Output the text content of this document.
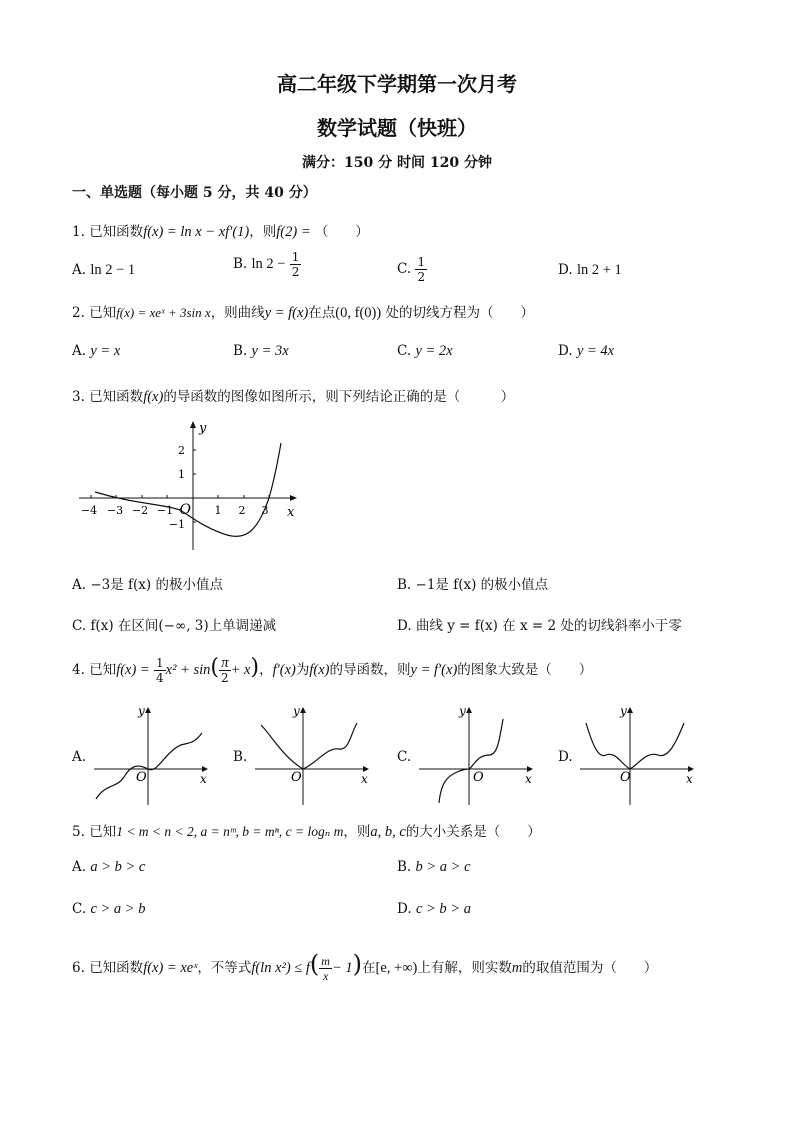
高二年级下学期第一次月考
数学试题（快班）
满分：150 分 时间 120 分钟
一、单选题（每小题 5 分，共 40 分）
1. 已知函数f(x) = ln x − xf′(1)，则f(2) = （　　）
A. ln 2 − 1	B. $\ln 2 - \frac{1}{2}$	C. $\frac{1}{2}$	D. ln 2 + 1
2. 已知f(x) = xeˣ + 3sin x，则曲线y = f(x)在点(0, f(0)) 处的切线方程为（　　）
A. y = x	B. y = 3x	C. y = 2x	D. y = 4x
3. 已知函数f(x)的导函数的图像如图所示，则下列结论正确的是（　　　）
y
x
O
−4 −3 −2 −1	1 2 3
2
1
−1
A. −3是 f(x) 的极小值点	B. −1是 f(x) 的极小值点
C. f(x) 在区间(−∞, 3)上单调递减	D. 曲线 y = f(x) 在 x = 2 处的切线斜率小于零
4. 已知$f(x) = \frac{1}{4} x^2 + \sin( \frac{\pi}{2} + x)$，f′(x)为f(x)的导函数，则y = f′(x)的图象大致是（　　）
A.
y
x
O
B.
y
x
O
C.
y
x
O
D.
y
x
O
5. 已知1 < m < n < 2, a = nᵐ, b = mⁿ, c = logₙ m，则a, b, c的大小关系是（　　）
A. a > b > c	B. b > a > c
C. c > a > b	D. c > b > a
6. 已知函数f(x) = xeˣ，不等式f(ln $x^2) \le f( \frac{m}{x} - 1)$在[e, +∞)上有解，则实数m的取值范围为（　　）
